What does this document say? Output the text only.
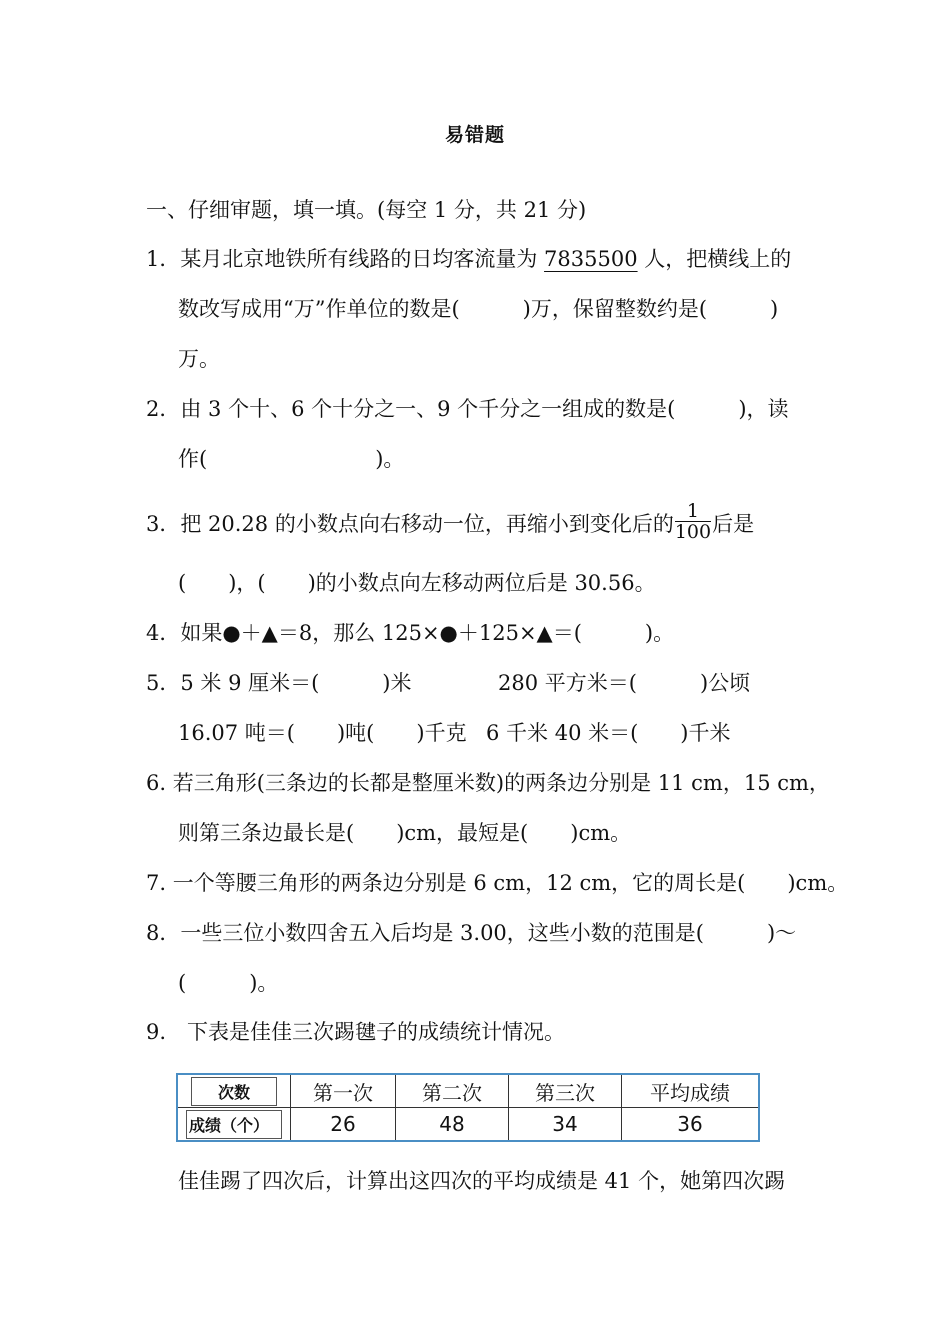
易错题
一、仔细审题，填一填。(每空 1 分，共 21 分)
1．某月北京地铁所有线路的日均客流量为 7835500 人，把横线上的
数改写成用“万”作单位的数是(　　　)万，保留整数约是(　　　)
万。
2．由 3 个十、6 个十分之一、9 个千分之一组成的数是(　　　)，读
作(　　　　　　　　)。
3．把 20.28 的小数点向右移动一位，再缩小到变化后的 $\frac{1}{100}$ 后是
(　　)，(　　)的小数点向左移动两位后是 30.56。
4．如果●＋▲＝8，那么 125×●＋125×▲＝(　　　)。
5．5 米 9 厘米＝(　　　)米	280 平方米＝(　　　)公顷
16.07 吨＝(　　)吨(　　)千克 6 千米 40 米＝(　　)千米
6. 若三角形(三条边的长都是整厘米数)的两条边分别是 11 cm，15 cm，
则第三条边最长是(　　)cm，最短是(　　)cm。
7. 一个等腰三角形的两条边分别是 6 cm，12 cm，它的周长是(　　)cm。
8．一些三位小数四舍五入后均是 3.00，这些小数的范围是(　　　)～
(　　　)。
9.　下表是佳佳三次踢毽子的成绩统计情况。
次数	第一次	第二次	第三次	平均成绩
成绩（个）	26	48	34	36
佳佳踢了四次后，计算出这四次的平均成绩是 41 个，她第四次踢
